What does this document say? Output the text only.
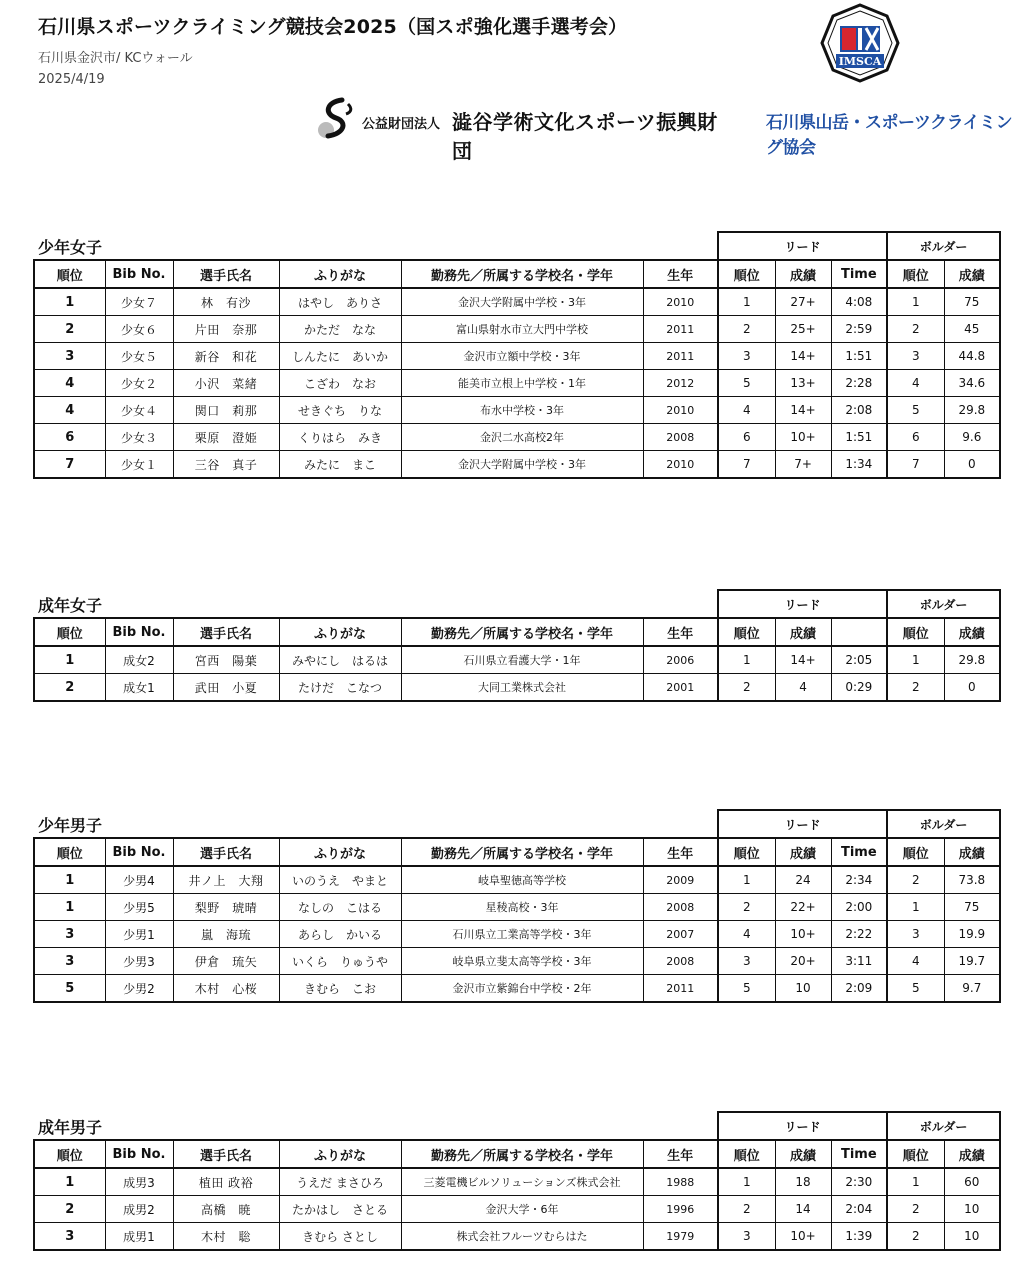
石川県スポーツクライミング競技会2025（国スポ強化選手選考会）
石川県金沢市/ KCウォール
2025/4/19
公益財団法人 澁谷学術文化スポーツ振興財団
IMSCA
石川県山岳・スポーツクライミング協会
少年女子
						リード			ボルダー	
順位	Bib No.	選手氏名	ふりがな	勤務先／所属する学校名・学年	生年	順位	成績	Time	順位	成績
1	少女７	林　有沙	はやし　ありさ	金沢大学附属中学校・3年	2010	1	27+	4:08	1	75
2	少女６	片田　奈那	かただ　なな	富山県射水市立大門中学校	2011	2	25+	2:59	2	45
3	少女５	新谷　和花	しんたに　あいか	金沢市立額中学校・3年	2011	3	14+	1:51	3	44.8
4	少女２	小沢　菜緒	こざわ　なお	能美市立根上中学校・1年	2012	5	13+	2:28	4	34.6
4	少女４	関口　莉那	せきぐち　りな	布水中学校・3年	2010	4	14+	2:08	5	29.8
6	少女３	栗原　澄姫	くりはら　みき	金沢二水高校2年	2008	6	10+	1:51	6	9.6
7	少女１	三谷　真子	みたに　まこ	金沢大学附属中学校・3年	2010	7	7+	1:34	7	0
成年女子
						リード			ボルダー	
順位	Bib No.	選手氏名	ふりがな	勤務先／所属する学校名・学年	生年	順位	成績		順位	成績
1	成女2	宮西　陽葉	みやにし　はるは	石川県立看護大学・1年	2006	1	14+	2:05	1	29.8
2	成女1	武田　小夏	たけだ　こなつ	大同工業株式会社	2001	2	4	0:29	2	0
少年男子
						リード			ボルダー	
順位	Bib No.	選手氏名	ふりがな	勤務先／所属する学校名・学年	生年	順位	成績	Time	順位	成績
1	少男4	井ノ上　大翔	いのうえ　やまと	岐阜聖徳高等学校	2009	1	24	2:34	2	73.8
1	少男5	梨野　琥晴	なしの　こはる	星稜高校・3年	2008	2	22+	2:00	1	75
3	少男1	嵐　海琉	あらし　かいる	石川県立工業高等学校・3年	2007	4	10+	2:22	3	19.9
3	少男3	伊倉　琉矢	いくら　りゅうや	岐阜県立斐太高等学校・3年	2008	3	20+	3:11	4	19.7
5	少男2	木村　心桜	きむら　こお	金沢市立紫錦台中学校・2年	2011	5	10	2:09	5	9.7
成年男子
						リード			ボルダー	
順位	Bib No.	選手氏名	ふりがな	勤務先／所属する学校名・学年	生年	順位	成績	Time	順位	成績
1	成男3	植田 政裕	うえだ まさひろ	三菱電機ビルソリューションズ株式会社	1988	1	18	2:30	1	60
2	成男2	高橋　暁	たかはし　さとる	金沢大学・6年	1996	2	14	2:04	2	10
3	成男1	木村　聡	きむら さとし	株式会社フルーツむらはた	1979	3	10+	1:39	2	10
